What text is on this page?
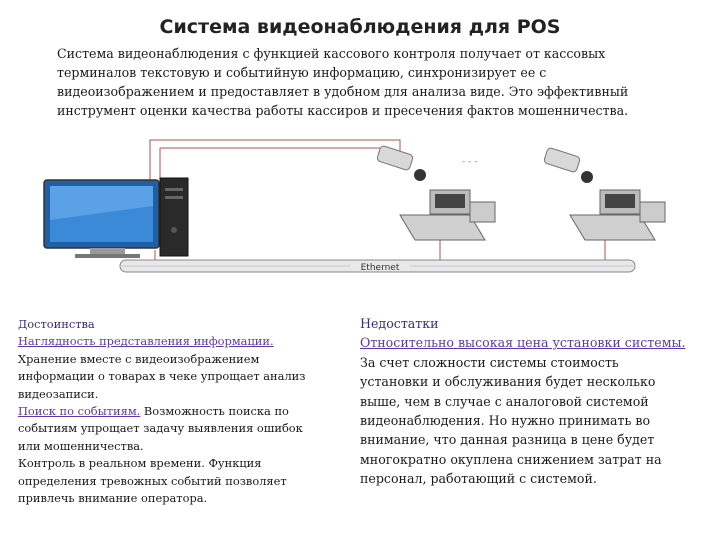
Система видеонаблюдения для POS
Система видеонаблюдения с функцией кассового контроля получает от кассовых терминалов текстовую и событийную информацию, синхронизирует ее с видеоизображением и предоставляет в удобном для анализа виде. Это эффективный инструмент оценки качества работы кассиров и пресечения фактов мошенничества.
Ethernet
- - -
Достоинства
Наглядность представления информации.
Хранение вместе с видеоизображением информации о товарах в чеке упрощает анализ видеозаписи.
Поиск по событиям. Возможность поиска по событиям упрощает задачу выявления ошибок или мошенничества.
Контроль в реальном времени. Функция определения тревожных событий позволяет привлечь внимание оператора.
Недостатки
Относительно высокая цена установки системы. За счет сложности системы стоимость установки и обслуживания будет несколько выше, чем в случае с аналоговой системой видеонаблюдения. Но нужно принимать во внимание, что данная разница в цене будет многократно окуплена снижением затрат на персонал, работающий с системой.
